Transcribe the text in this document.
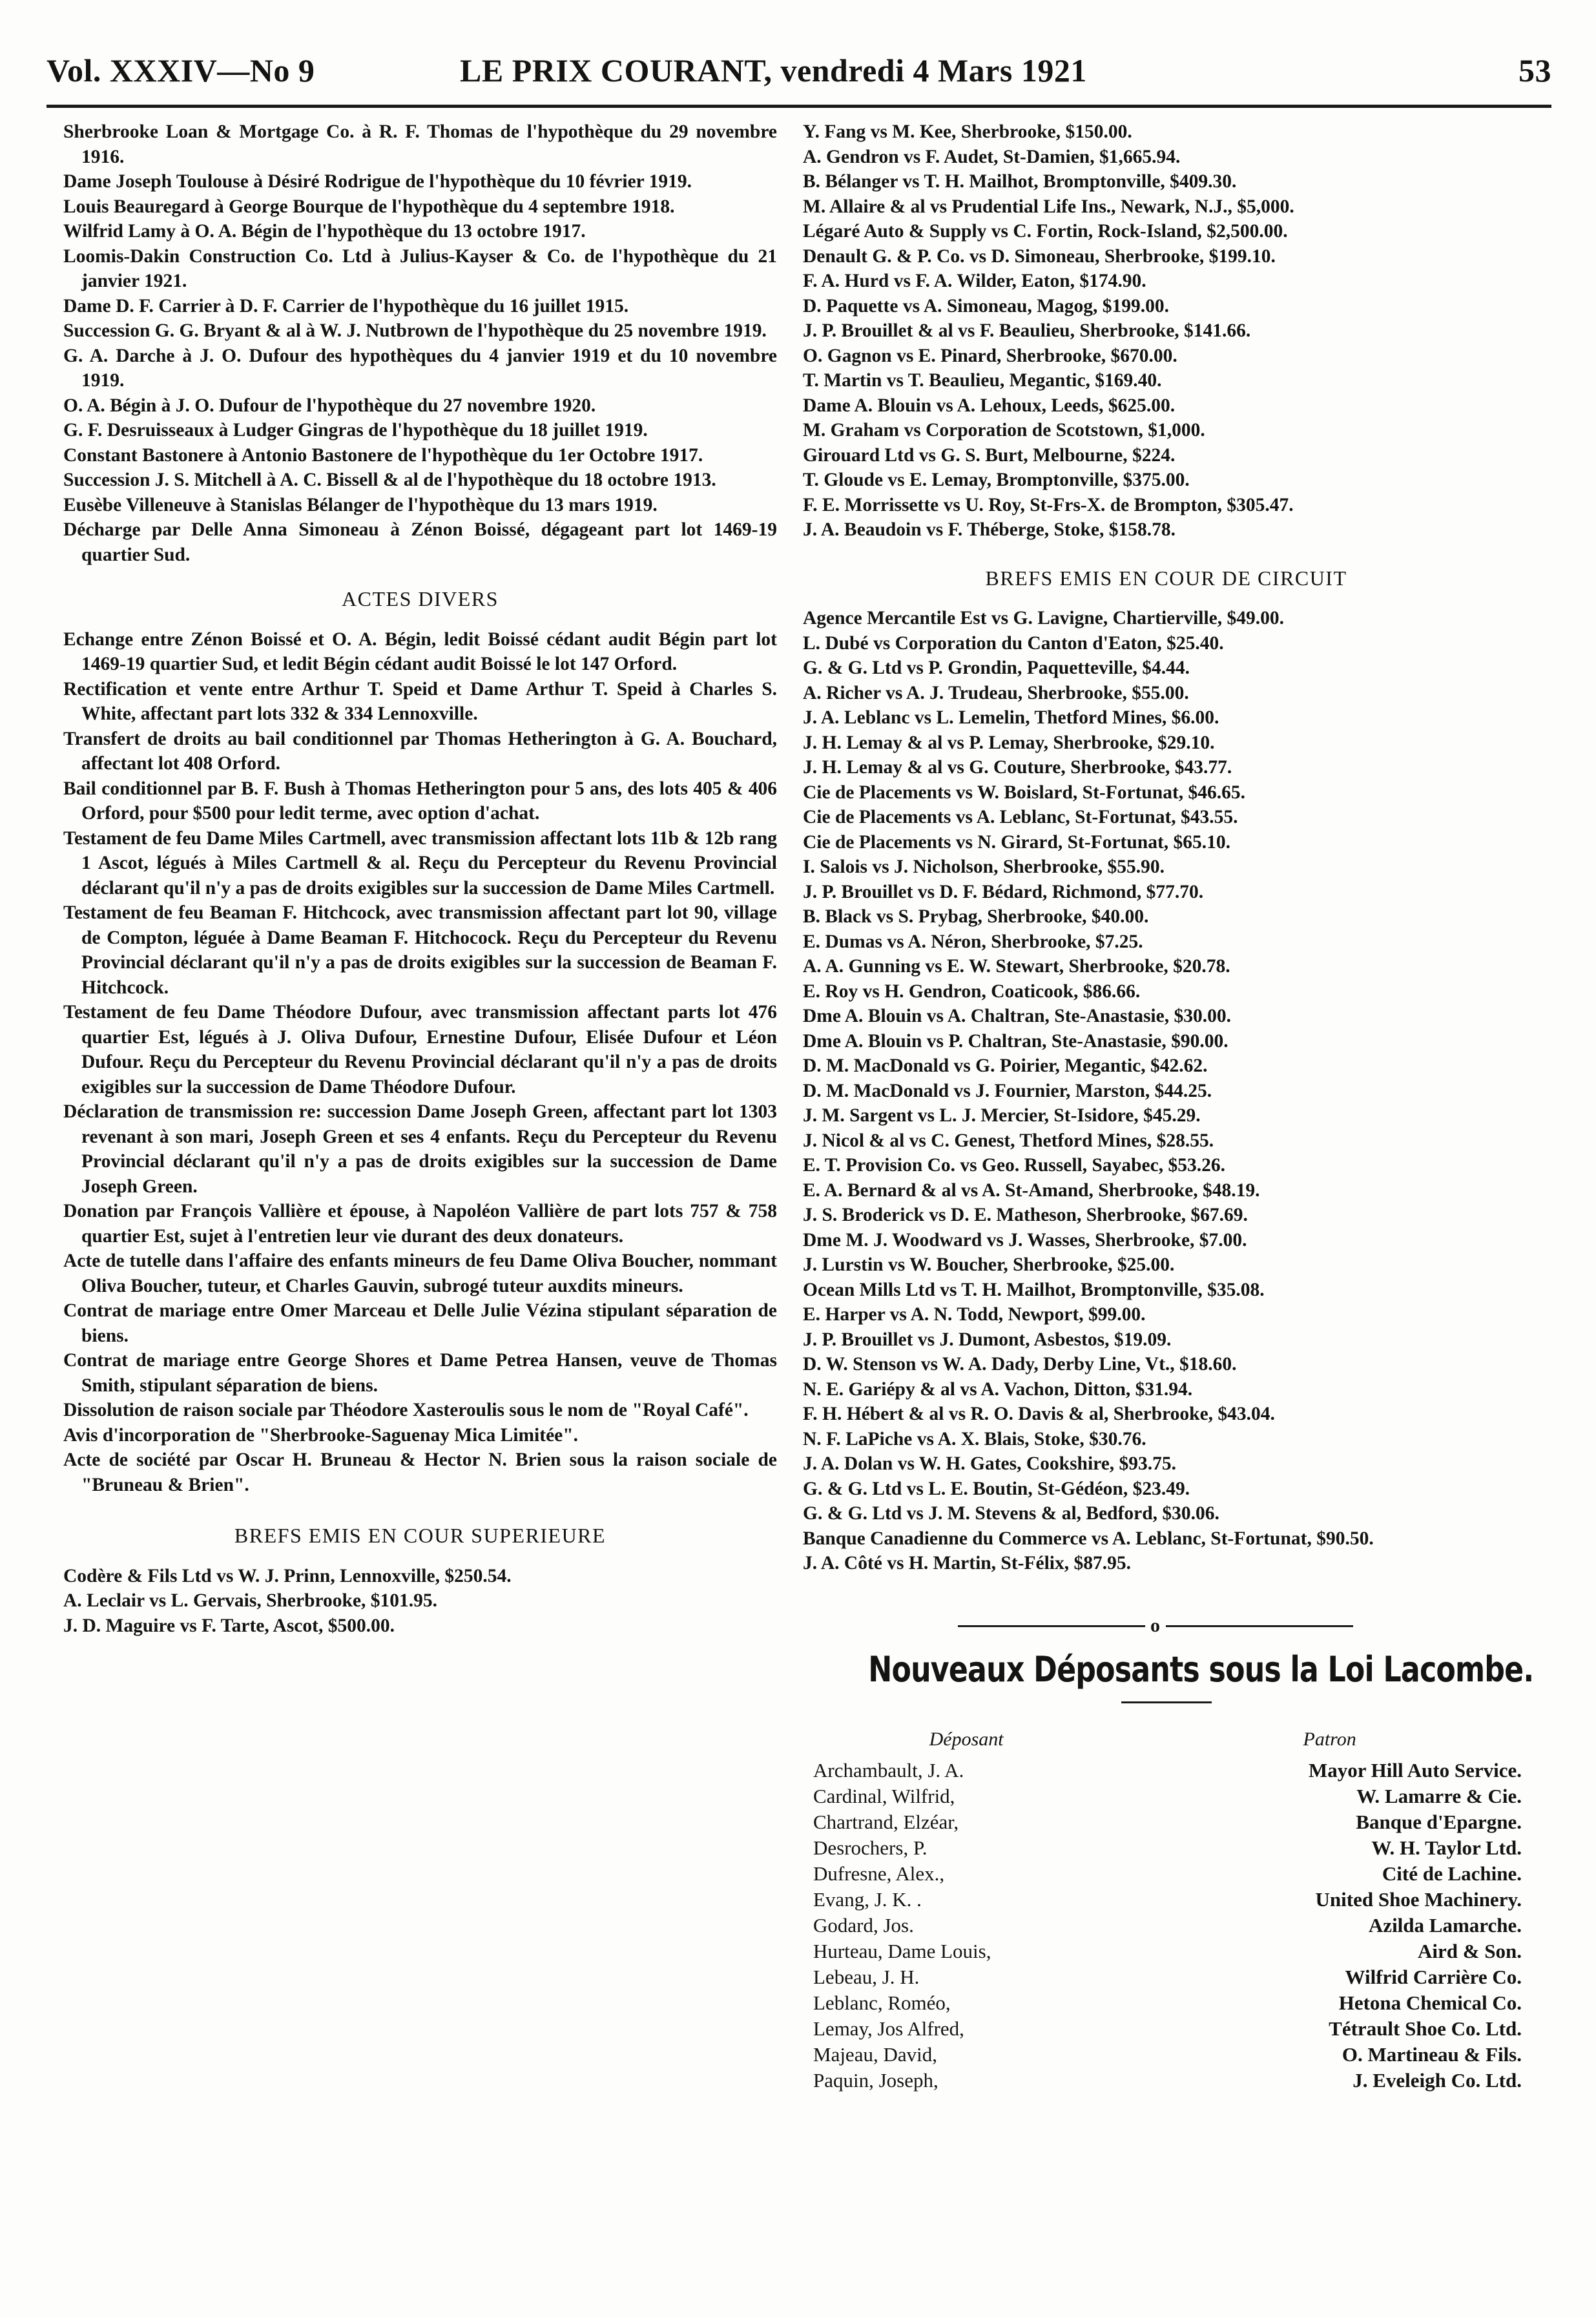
Vol. XXXIV—No 9	LE PRIX COURANT, vendredi 4 Mars 1921	53
Sherbrooke Loan & Mortgage Co. à R. F. Thomas de l'hypothèque du 29 novembre 1916.
Dame Joseph Toulouse à Désiré Rodrigue de l'hypothèque du 10 février 1919.
Louis Beauregard à George Bourque de l'hypothèque du 4 septembre 1918.
Wilfrid Lamy à O. A. Bégin de l'hypothèque du 13 octobre 1917.
Loomis-Dakin Construction Co. Ltd à Julius-Kayser & Co. de l'hypothèque du 21 janvier 1921.
Dame D. F. Carrier à D. F. Carrier de l'hypothèque du 16 juillet 1915.
Succession G. G. Bryant & al à W. J. Nutbrown de l'hypothèque du 25 novembre 1919.
G. A. Darche à J. O. Dufour des hypothèques du 4 janvier 1919 et du 10 novembre 1919.
O. A. Bégin à J. O. Dufour de l'hypothèque du 27 novembre 1920.
G. F. Desruisseaux à Ludger Gingras de l'hypothèque du 18 juillet 1919.
Constant Bastonere à Antonio Bastonere de l'hypothèque du 1er Octobre 1917.
Succession J. S. Mitchell à A. C. Bissell & al de l'hypothèque du 18 octobre 1913.
Eusèbe Villeneuve à Stanislas Bélanger de l'hypothèque du 13 mars 1919.
Décharge par Delle Anna Simoneau à Zénon Boissé, dégageant part lot 1469-19 quartier Sud.
ACTES DIVERS
Echange entre Zénon Boissé et O. A. Bégin, ledit Boissé cédant audit Bégin part lot 1469-19 quartier Sud, et ledit Bégin cédant audit Boissé le lot 147 Orford.
Rectification et vente entre Arthur T. Speid et Dame Arthur T. Speid à Charles S. White, affectant part lots 332 & 334 Lennoxville.
Transfert de droits au bail conditionnel par Thomas Hetherington à G. A. Bouchard, affectant lot 408 Orford.
Bail conditionnel par B. F. Bush à Thomas Hetherington pour 5 ans, des lots 405 & 406 Orford, pour $500 pour ledit terme, avec option d'achat.
Testament de feu Dame Miles Cartmell, avec transmission affectant lots 11b & 12b rang 1 Ascot, légués à Miles Cartmell & al. Reçu du Percepteur du Revenu Provincial déclarant qu'il n'y a pas de droits exigibles sur la succession de Dame Miles Cartmell.
Testament de feu Beaman F. Hitchcock, avec transmission affectant part lot 90, village de Compton, léguée à Dame Beaman F. Hitchocock. Reçu du Percepteur du Revenu Provincial déclarant qu'il n'y a pas de droits exigibles sur la succession de Beaman F. Hitchcock.
Testament de feu Dame Théodore Dufour, avec transmission affectant parts lot 476 quartier Est, légués à J. Oliva Dufour, Ernestine Dufour, Elisée Dufour et Léon Dufour. Reçu du Percepteur du Revenu Provincial déclarant qu'il n'y a pas de droits exigibles sur la succession de Dame Théodore Dufour.
Déclaration de transmission re: succession Dame Joseph Green, affectant part lot 1303 revenant à son mari, Joseph Green et ses 4 enfants. Reçu du Percepteur du Revenu Provincial déclarant qu'il n'y a pas de droits exigibles sur la succession de Dame Joseph Green.
Donation par François Vallière et épouse, à Napoléon Vallière de part lots 757 & 758 quartier Est, sujet à l'entretien leur vie durant des deux donateurs.
Acte de tutelle dans l'affaire des enfants mineurs de feu Dame Oliva Boucher, nommant Oliva Boucher, tuteur, et Charles Gauvin, subrogé tuteur auxdits mineurs.
Contrat de mariage entre Omer Marceau et Delle Julie Vézina stipulant séparation de biens.
Contrat de mariage entre George Shores et Dame Petrea Hansen, veuve de Thomas Smith, stipulant séparation de biens.
Dissolution de raison sociale par Théodore Xasteroulis sous le nom de "Royal Café".
Avis d'incorporation de "Sherbrooke-Saguenay Mica Limitée".
Acte de société par Oscar H. Bruneau & Hector N. Brien sous la raison sociale de "Bruneau & Brien".
BREFS EMIS EN COUR SUPERIEURE
Codère & Fils Ltd vs W. J. Prinn, Lennoxville, $250.54.
A. Leclair vs L. Gervais, Sherbrooke, $101.95.
J. D. Maguire vs F. Tarte, Ascot, $500.00.
Y. Fang vs M. Kee, Sherbrooke, $150.00.
A. Gendron vs F. Audet, St-Damien, $1,665.94.
B. Bélanger vs T. H. Mailhot, Bromptonville, $409.30.
M. Allaire & al vs Prudential Life Ins., Newark, N.J., $5,000.
Légaré Auto & Supply vs C. Fortin, Rock-Island, $2,500.00.
Denault G. & P. Co. vs D. Simoneau, Sherbrooke, $199.10.
F. A. Hurd vs F. A. Wilder, Eaton, $174.90.
D. Paquette vs A. Simoneau, Magog, $199.00.
J. P. Brouillet & al vs F. Beaulieu, Sherbrooke, $141.66.
O. Gagnon vs E. Pinard, Sherbrooke, $670.00.
T. Martin vs T. Beaulieu, Megantic, $169.40.
Dame A. Blouin vs A. Lehoux, Leeds, $625.00.
M. Graham vs Corporation de Scotstown, $1,000.
Girouard Ltd vs G. S. Burt, Melbourne, $224.
T. Gloude vs E. Lemay, Bromptonville, $375.00.
F. E. Morrissette vs U. Roy, St-Frs-X. de Brompton, $305.47.
J. A. Beaudoin vs F. Théberge, Stoke, $158.78.
BREFS EMIS EN COUR DE CIRCUIT
Agence Mercantile Est vs G. Lavigne, Chartierville, $49.00.
L. Dubé vs Corporation du Canton d'Eaton, $25.40.
G. & G. Ltd vs P. Grondin, Paquetteville, $4.44.
A. Richer vs A. J. Trudeau, Sherbrooke, $55.00.
J. A. Leblanc vs L. Lemelin, Thetford Mines, $6.00.
J. H. Lemay & al vs P. Lemay, Sherbrooke, $29.10.
J. H. Lemay & al vs G. Couture, Sherbrooke, $43.77.
Cie de Placements vs W. Boislard, St-Fortunat, $46.65.
Cie de Placements vs A. Leblanc, St-Fortunat, $43.55.
Cie de Placements vs N. Girard, St-Fortunat, $65.10.
I. Salois vs J. Nicholson, Sherbrooke, $55.90.
J. P. Brouillet vs D. F. Bédard, Richmond, $77.70.
B. Black vs S. Prybag, Sherbrooke, $40.00.
E. Dumas vs A. Néron, Sherbrooke, $7.25.
A. A. Gunning vs E. W. Stewart, Sherbrooke, $20.78.
E. Roy vs H. Gendron, Coaticook, $86.66.
Dme A. Blouin vs A. Chaltran, Ste-Anastasie, $30.00.
Dme A. Blouin vs P. Chaltran, Ste-Anastasie, $90.00.
D. M. MacDonald vs G. Poirier, Megantic, $42.62.
D. M. MacDonald vs J. Fournier, Marston, $44.25.
J. M. Sargent vs L. J. Mercier, St-Isidore, $45.29.
J. Nicol & al vs C. Genest, Thetford Mines, $28.55.
E. T. Provision Co. vs Geo. Russell, Sayabec, $53.26.
E. A. Bernard & al vs A. St-Amand, Sherbrooke, $48.19.
J. S. Broderick vs D. E. Matheson, Sherbrooke, $67.69.
Dme M. J. Woodward vs J. Wasses, Sherbrooke, $7.00.
J. Lurstin vs W. Boucher, Sherbrooke, $25.00.
Ocean Mills Ltd vs T. H. Mailhot, Bromptonville, $35.08.
E. Harper vs A. N. Todd, Newport, $99.00.
J. P. Brouillet vs J. Dumont, Asbestos, $19.09.
D. W. Stenson vs W. A. Dady, Derby Line, Vt., $18.60.
N. E. Gariépy & al vs A. Vachon, Ditton, $31.94.
F. H. Hébert & al vs R. O. Davis & al, Sherbrooke, $43.04.
N. F. LaPiche vs A. X. Blais, Stoke, $30.76.
J. A. Dolan vs W. H. Gates, Cookshire, $93.75.
G. & G. Ltd vs L. E. Boutin, St-Gédéon, $23.49.
G. & G. Ltd vs J. M. Stevens & al, Bedford, $30.06.
Banque Canadienne du Commerce vs A. Leblanc, St-Fortunat, $90.50.
J. A. Côté vs H. Martin, St-Félix, $87.95.
o
Nouveaux Déposants sous la Loi Lacombe.
Déposant	Patron
Archambault, J. A.	Mayor Hill Auto Service.
Cardinal, Wilfrid,	W. Lamarre & Cie.
Chartrand, Elzéar,	Banque d'Epargne.
Desrochers, P.	W. H. Taylor Ltd.
Dufresne, Alex.,	Cité de Lachine.
Evang, J. K. .	United Shoe Machinery.
Godard, Jos.	Azilda Lamarche.
Hurteau, Dame Louis,	Aird & Son.
Lebeau, J. H.	Wilfrid Carrière Co.
Leblanc, Roméo,	Hetona Chemical Co.
Lemay, Jos Alfred,	Tétrault Shoe Co. Ltd.
Majeau, David,	O. Martineau & Fils.
Paquin, Joseph,	J. Eveleigh Co. Ltd.
